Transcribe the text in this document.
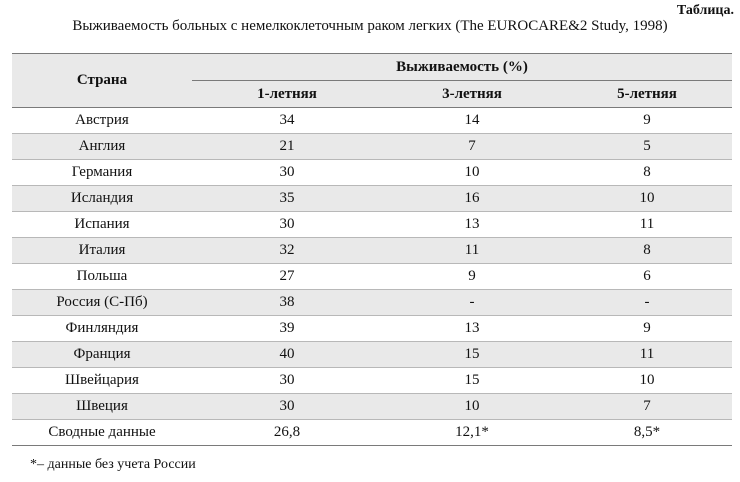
Таблица.
Выживаемость больных с немелкоклеточным раком легких (The EUROCARE&2 Study, 1998)
Страна	Выживаемость (%)		
	1-летняя	3-летняя	5-летняя
Австрия	34	14	9
Англия	21	7	5
Германия	30	10	8
Исландия	35	16	10
Испания	30	13	11
Италия	32	11	8
Польша	27	9	6
Россия (С-Пб)	38	-	-
Финляндия	39	13	9
Франция	40	15	11
Швейцария	30	15	10
Швеция	30	10	7
Сводные данные	26,8	12,1*	8,5*
*– данные без учета России
